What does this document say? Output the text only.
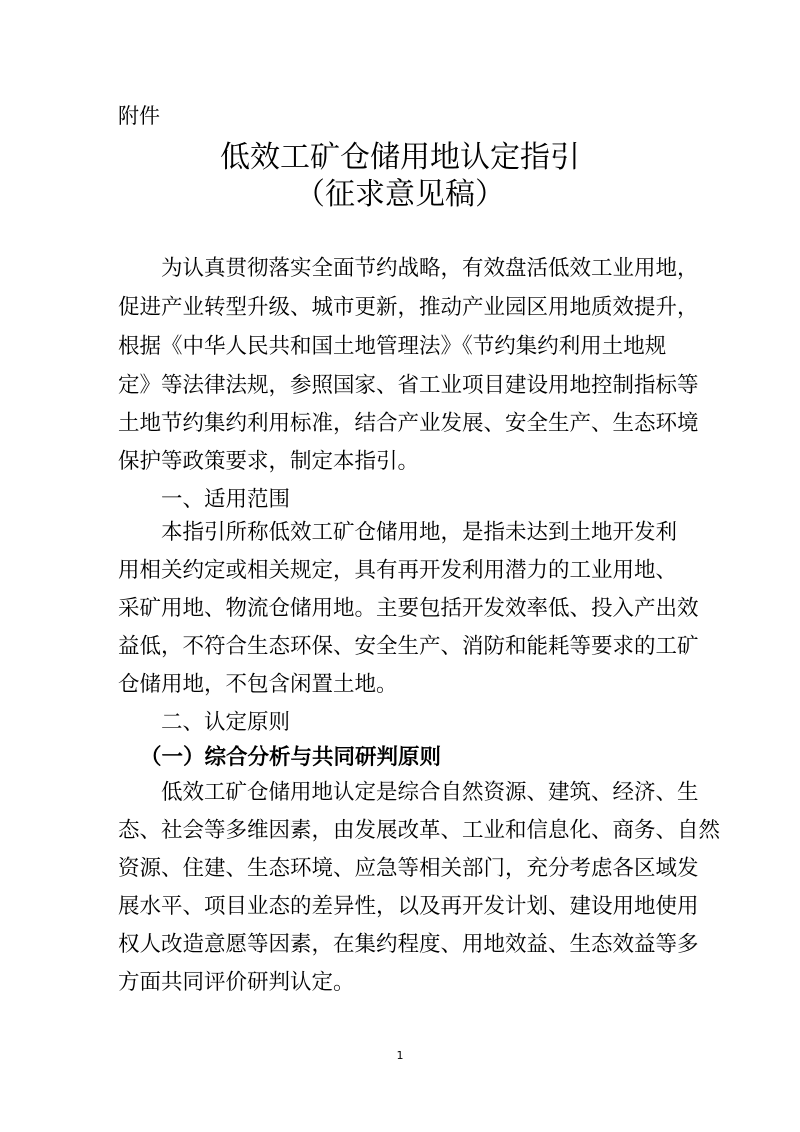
附件
低效工矿仓储用地认定指引
（征求意见稿）
为认真贯彻落实全面节约战略，有效盘活低效工业用地，
促进产业转型升级、城市更新，推动产业园区用地质效提升，
根据《中华人民共和国土地管理法》《节约集约利用土地规
定》等法律法规，参照国家、省工业项目建设用地控制指标等
土地节约集约利用标准，结合产业发展、安全生产、生态环境
保护等政策要求，制定本指引。
一、适用范围
本指引所称低效工矿仓储用地，是指未达到土地开发利
用相关约定或相关规定，具有再开发利用潜力的工业用地、
采矿用地、物流仓储用地。主要包括开发效率低、投入产出效
益低，不符合生态环保、安全生产、消防和能耗等要求的工矿
仓储用地，不包含闲置土地。
二、认定原则
（一）综合分析与共同研判原则
低效工矿仓储用地认定是综合自然资源、建筑、经济、生
态、社会等多维因素，由发展改革、工业和信息化、商务、自然
资源、住建、生态环境、应急等相关部门，充分考虑各区域发
展水平、项目业态的差异性，以及再开发计划、建设用地使用
权人改造意愿等因素，在集约程度、用地效益、生态效益等多
方面共同评价研判认定。
1
